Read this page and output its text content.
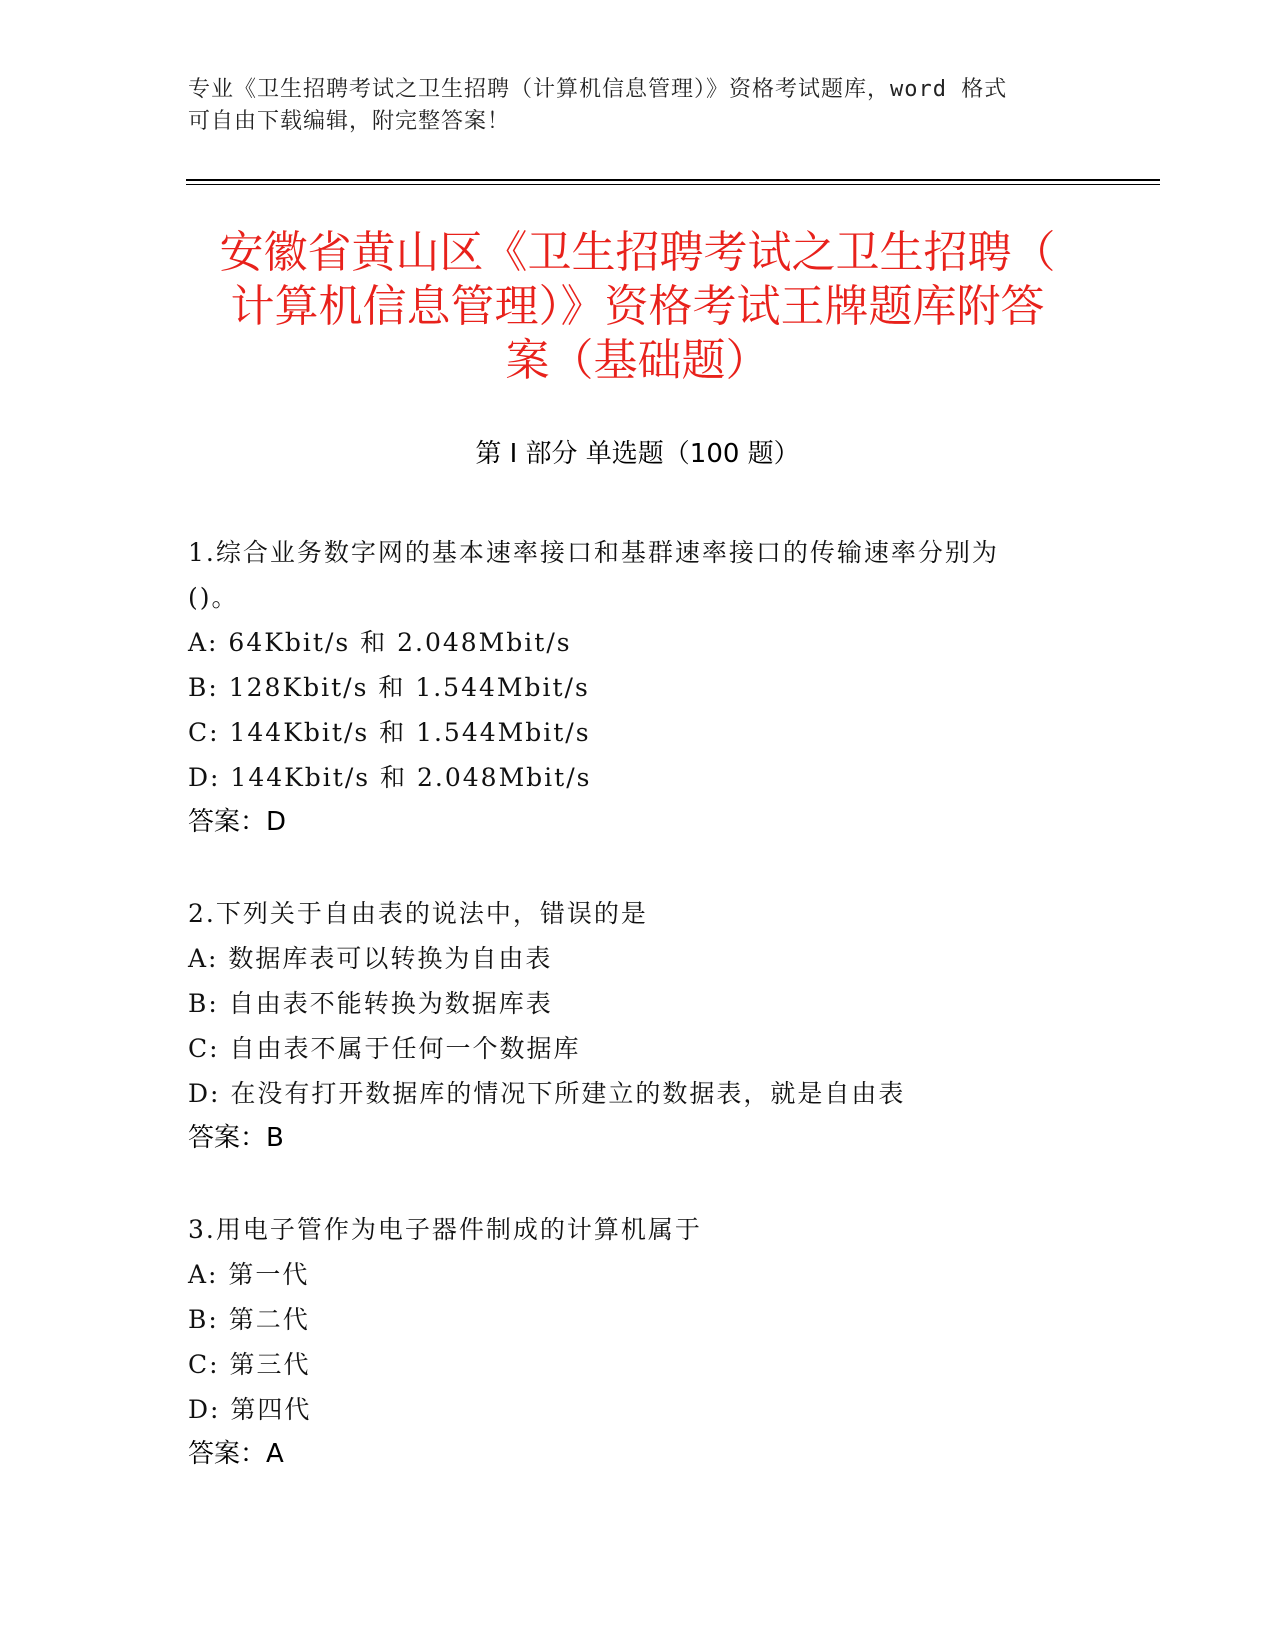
专业《卫生招聘考试之卫生招聘（计算机信息管理）》资格考试题库，word 格式
可自由下载编辑，附完整答案！
安徽省黄山区《卫生招聘考试之卫生招聘（
计算机信息管理）》资格考试王牌题库附答
案（基础题）
第 I 部分 单选题（100 题）
1.综合业务数字网的基本速率接口和基群速率接口的传输速率分别为
()。
A: 64Kbit/s 和 2.048Mbit/s
B: 128Kbit/s 和 1.544Mbit/s
C: 144Kbit/s 和 1.544Mbit/s
D: 144Kbit/s 和 2.048Mbit/s
答案：D
2.下列关于自由表的说法中，错误的是
A: 数据库表可以转换为自由表
B: 自由表不能转换为数据库表
C: 自由表不属于任何一个数据库
D: 在没有打开数据库的情况下所建立的数据表，就是自由表
答案：B
3.用电子管作为电子器件制成的计算机属于
A: 第一代
B: 第二代
C: 第三代
D: 第四代
答案：A
